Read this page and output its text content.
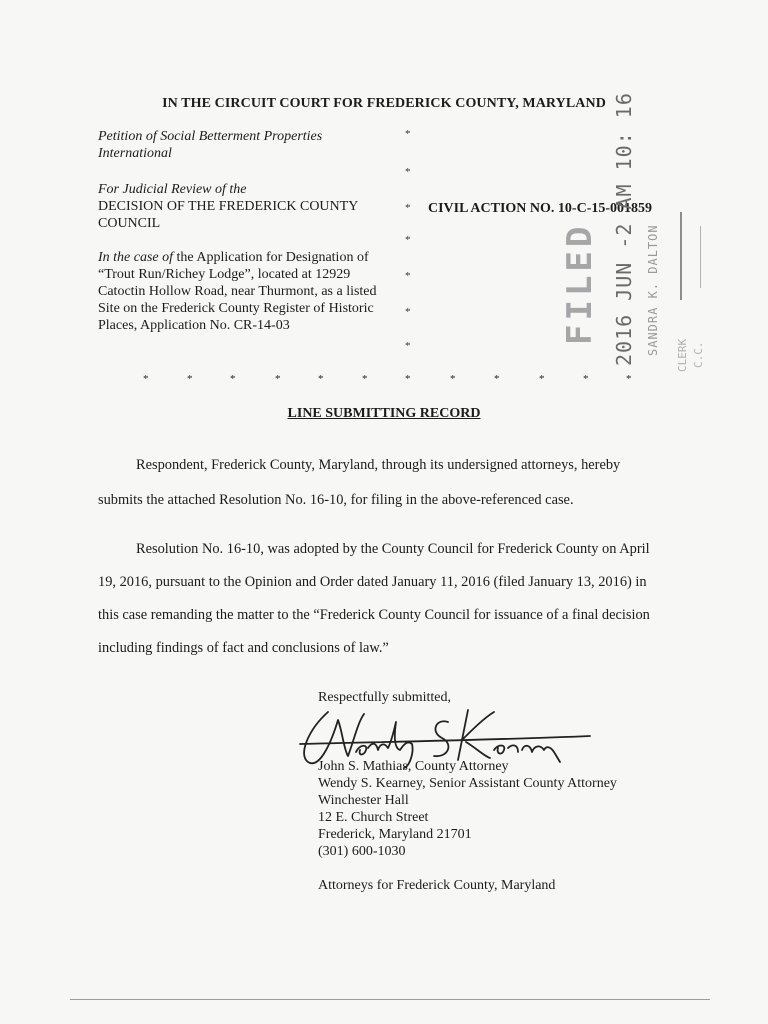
IN THE CIRCUIT COURT FOR FREDERICK COUNTY, MARYLAND
Petition of Social Betterment Properties
International
For Judicial Review of the
DECISION OF THE FREDERICK COUNTY
COUNCIL
In the case of the Application for Designation of
“Trout Run/Richey Lodge”, located at 12929
Catoctin Hollow Road, near Thurmont, as a listed
Site on the Frederick County Register of Historic
Places, Application No. CR-14-03
*
*
*
*
*
*
*
CIVIL ACTION NO. 10-C-15-001859
*	*	*	*	*	*	*	*	*	*	*	*
LINE SUBMITTING RECORD
Respondent, Frederick County, Maryland, through its undersigned attorneys, hereby
submits the attached Resolution No. 16-10, for filing in the above-referenced case.
Resolution No. 16-10, was adopted by the County Council for Frederick County on April
19, 2016, pursuant to the Opinion and Order dated January 11, 2016 (filed January 13, 2016) in
this case remanding the matter to the “Frederick County Council for issuance of a final decision
including findings of fact and conclusions of law.”
Respectfully submitted,
John S. Mathias, County Attorney
Wendy S. Kearney, Senior Assistant County Attorney
Winchester Hall
12 E. Church Street
Frederick, Maryland 21701
(301) 600-1030
Attorneys for Frederick County, Maryland
FILED 2016 JUN -2 AM 10: 16 SANDRA K. DALTON CLERK C.C.
